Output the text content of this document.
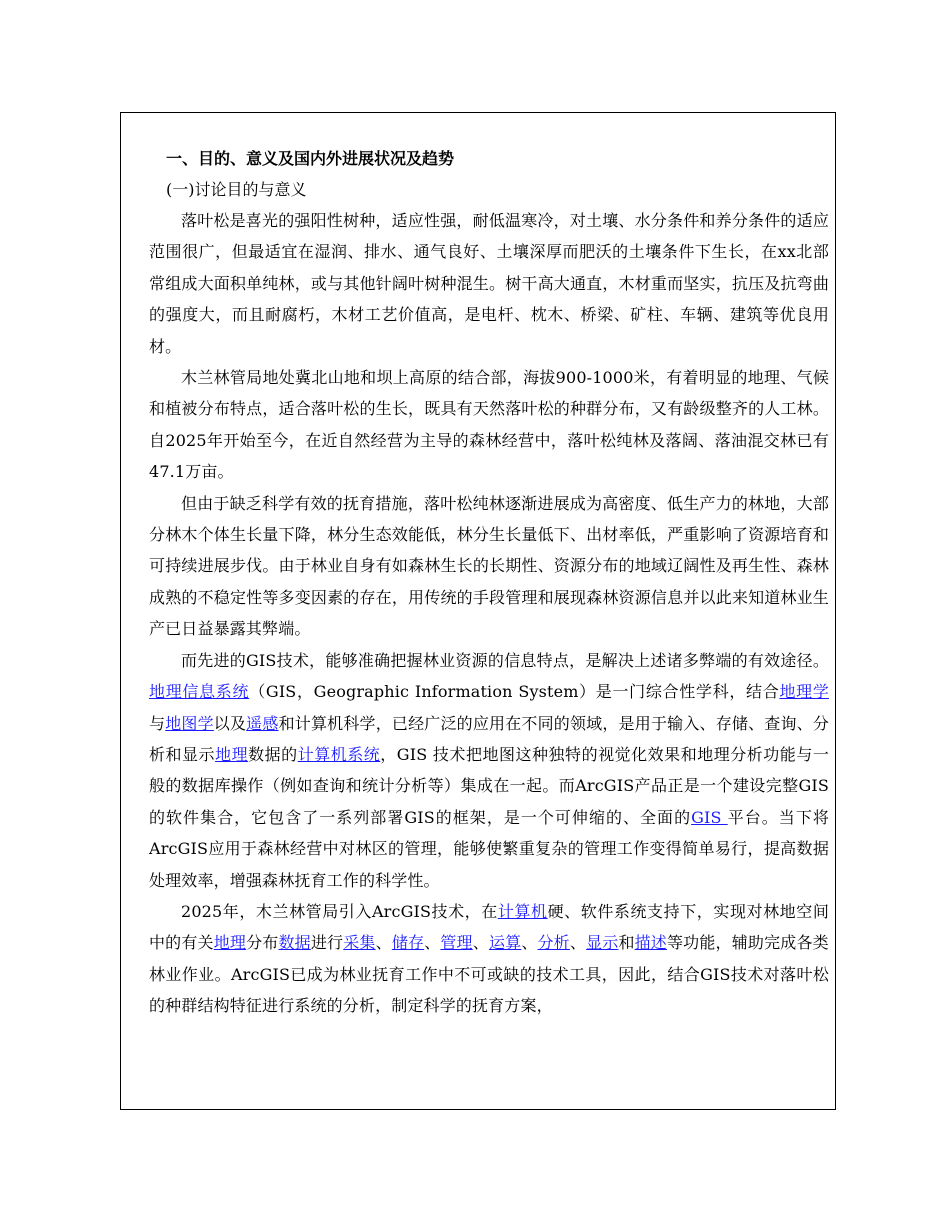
一、目的、意义及国内外进展状况及趋势
(一)讨论目的与意义
落叶松是喜光的强阳性树种，适应性强，耐低温寒冷，对土壤、水分条件和养分条件的适应范围很广，但最适宜在湿润、排水、通气良好、土壤深厚而肥沃的土壤条件下生长，在xx北部常组成大面积单纯林，或与其他针阔叶树种混生。树干高大通直，木材重而坚实，抗压及抗弯曲的强度大，而且耐腐朽，木材工艺价值高，是电杆、枕木、桥梁、矿柱、车辆、建筑等优良用材。
木兰林管局地处冀北山地和坝上高原的结合部，海拔900-1000米，有着明显的地理、气候和植被分布特点，适合落叶松的生长，既具有天然落叶松的种群分布，又有龄级整齐的人工林。自2025年开始至今，在近自然经营为主导的森林经营中，落叶松纯林及落阔、落油混交林已有47.1万亩。
但由于缺乏科学有效的抚育措施，落叶松纯林逐渐进展成为高密度、低生产力的林地，大部分林木个体生长量下降，林分生态效能低，林分生长量低下、出材率低，严重影响了资源培育和可持续进展步伐。由于林业自身有如森林生长的长期性、资源分布的地域辽阔性及再生性、森林成熟的不稳定性等多变因素的存在，用传统的手段管理和展现森林资源信息并以此来知道林业生产已日益暴露其弊端。
而先进的GIS技术，能够准确把握林业资源的信息特点，是解决上述诸多弊端的有效途径。地理信息系统（GIS，Geographic Information System）是一门综合性学科，结合地理学与地图学以及遥感和计算机科学，已经广泛的应用在不同的领域，是用于输入、存储、查询、分析和显示地理数据的计算机系统，GIS 技术把地图这种独特的视觉化效果和地理分析功能与一般的数据库操作（例如查询和统计分析等）集成在一起。而ArcGIS产品正是一个建设完整GIS的软件集合，它包含了一系列部署GIS的框架，是一个可伸缩的、全面的GIS 平台。当下将ArcGIS应用于森林经营中对林区的管理，能够使繁重复杂的管理工作变得简单易行，提高数据处理效率，增强森林抚育工作的科学性。
2025年，木兰林管局引入ArcGIS技术，在计算机硬、软件系统支持下，实现对林地空间中的有关地理分布数据进行采集、储存、管理、运算、分析、显示和描述等功能，辅助完成各类林业作业。ArcGIS已成为林业抚育工作中不可或缺的技术工具，因此，结合GIS技术对落叶松的种群结构特征进行系统的分析，制定科学的抚育方案，
